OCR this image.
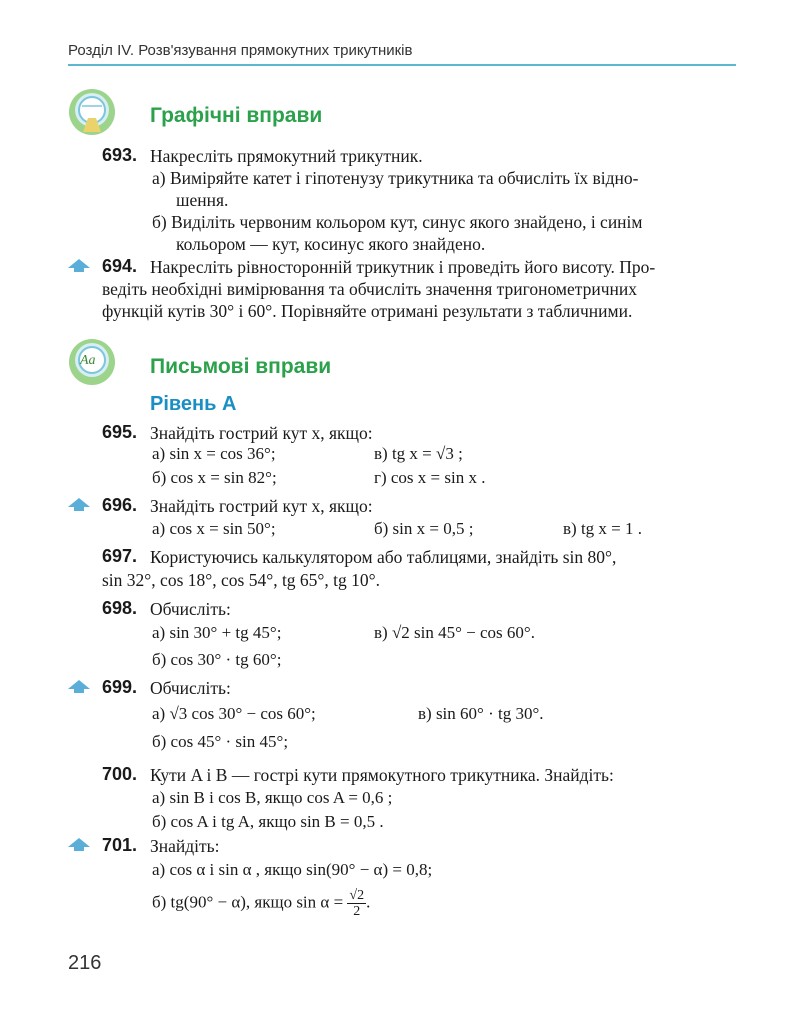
Розділ IV. Розв'язування прямокутних трикутників
Графічні вправи
693. Накресліть прямокутний трикутник.
а) Виміряйте катет і гіпотенузу трикутника та обчисліть їх відно-
шення.
б) Виділіть червоним кольором кут, синус якого знайдено, і синім
кольором — кут, косинус якого знайдено.
694. Накресліть рівносторонній трикутник і проведіть його висоту. Про-
ведіть необхідні вимірювання та обчисліть значення тригонометричних
функцій кутів 30° і 60°. Порівняйте отримані результати з табличними.
Aa	Письмові вправи
Рівень А
695. Знайдіть гострий кут x, якщо:
а) sin x = cos 36°;
б) cos x = sin 82°;
в) tg x = √3 ;
г) cos x = sin x .
696. Знайдіть гострий кут x, якщо:
а) cos x = sin 50°;	б) sin x = 0,5 ;	в) tg x = 1 .
697. Користуючись калькулятором або таблицями, знайдіть sin 80°,
sin 32°, cos 18°, cos 54°, tg 65°, tg 10°.
698. Обчисліть:
а) sin 30° + tg 45°;
б) cos 30° · tg 60°;
в) √2 sin 45° − cos 60°.
699. Обчисліть:
а) √3 cos 30° − cos 60°;
б) cos 45° · sin 45°;
в) sin 60° · tg 30°.
700. Кути A і B — гострі кути прямокутного трикутника. Знайдіть:
а) sin B і cos B, якщо cos A = 0,6 ;
б) cos A і tg A, якщо sin B = 0,5 .
701. Знайдіть:
а) cos α і sin α , якщо sin(90° − α) = 0,8;
б) tg(90° − α), якщо $\sin \alpha = \frac{√2}{2}$ .
216
